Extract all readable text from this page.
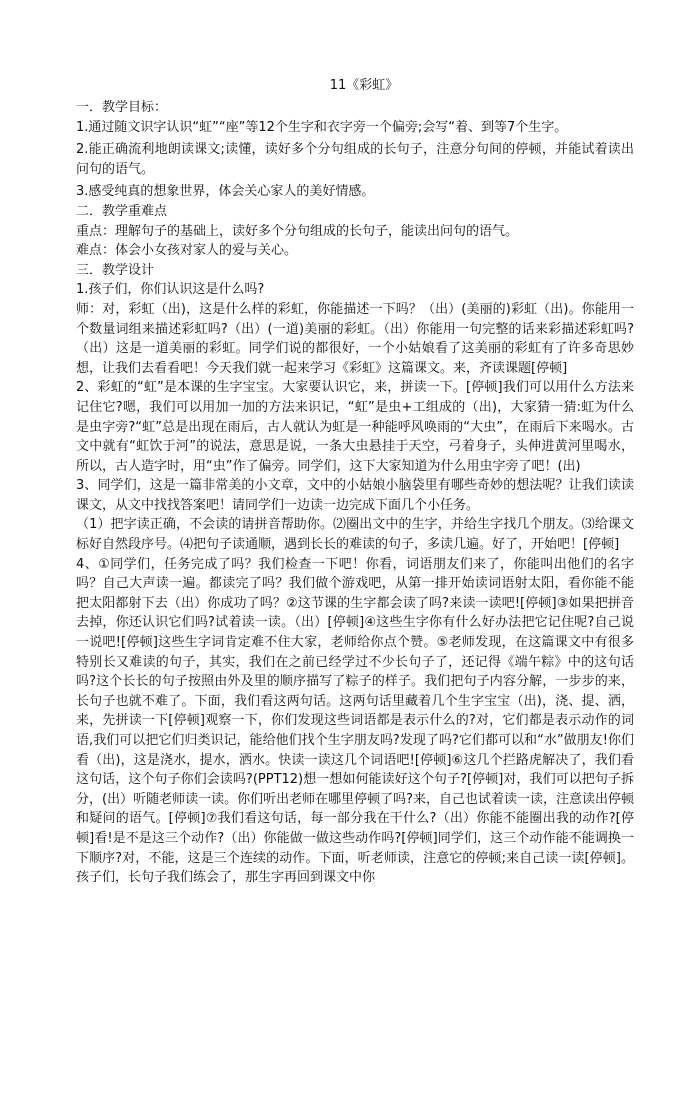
11《彩虹》

一．教学目标：

1.通过随文识字认识“虹”“座”等12个生字和衣字旁一个偏旁;会写“着、到等7个生字。

2.能正确流利地朗读课文;读懂，读好多个分句组成的长句子，注意分句间的停顿，并能试着读出问句的语气。

3.感受纯真的想象世界，体会关心家人的美好情感。

二．教学重难点

重点：理解句子的基础上，读好多个分句组成的长句子，能读出问句的语气。

难点：体会小女孩对家人的爱与关心。

三．教学设计

1.孩子们，你们认识这是什么吗?

师：对，彩虹（出)，这是什么样的彩虹，你能描述一下吗？（出）(美丽的)彩虹（出)。你能用一个数量词组来描述彩虹吗?（出）(一道)美丽的彩虹。（出）你能用一句完整的话来彩描述彩虹吗?（出）这是一道美丽的彩虹。同学们说的都很好，一个小姑娘看了这美丽的彩虹有了许多奇思妙想，让我们去看看吧！今天我们就一起来学习《彩虹》这篇课文。来，齐读课题[停顿]

2、彩虹的“虹”是本课的生字宝宝。大家要认识它，来，拼读一下。[停顿]我们可以用什么方法来记住它?嗯，我们可以用加一加的方法来识记，“虹”是虫+工组成的（出)，大家猜一猜:虹为什么是虫字旁?“虹”总是出现在雨后，古人就认为虹是一种能呼风唤雨的“大虫”，在雨后下来喝水。古文中就有“虹饮于河”的说法，意思是说，一条大虫悬挂于天空，弓着身子，头伸进黄河里喝水，所以，古人造字时，用“虫”作了偏旁。同学们，这下大家知道为什么用虫字旁了吧！(出)

3、同学们，这是一篇非常美的小文章，文中的小姑娘小脑袋里有哪些奇妙的想法呢？让我们读读课文，从文中找找答案吧！请同学们一边读一边完成下面几个小任务。

（1）把字读正确，不会读的请拼音帮助你。⑵圈出文中的生字，并给生字找几个朋友。⑶给课文标好自然段序号。⑷把句子读通顺，遇到长长的难读的句子，多读几遍。好了，开始吧！[停顿]

4、①同学们，任务完成了吗？我们检查一下吧！你看，词语朋友们来了，你能叫出他们的名字吗？自己大声读一遍。都读完了吗？我们做个游戏吧，从第一排开始读词语射太阳，看你能不能把太阳都射下去（出）你成功了吗？②这节课的生字都会读了吗?来读一读吧![停顿]③如果把拼音去掉，你还认识它们吗?试着读一读。（出）[停顿]④这些生字你有什么好办法把它记住呢?自己说一说吧![停顿]这些生字词肯定难不住大家，老师给你点个赞。⑤老师发现，在这篇课文中有很多特别长又难读的句子，其实，我们在之前已经学过不少长句子了，还记得《端午粽》中的这句话吗?这个长长的句子按照由外及里的顺序描写了粽子的样子。我们把句子内容分解，一步步的来，长句子也就不难了。下面，我们看这两句话。这两句话里藏着几个生字宝宝（出)，浇、提、洒，来，先拼读一下[停顿]观察一下，你们发现这些词语都是表示什么的?对，它们都是表示动作的词语,我们可以把它们归类识记，能给他们找个生字朋友吗?发现了吗?它们都可以和“水”做朋友!你们看（出)，这是浇水，提水，洒水。快读一读这几个词语吧![停顿]⑥这几个拦路虎解决了，我们看这句话，这个句子你们会读吗?(PPT12)想一想如何能读好这个句子?[停顿]对，我们可以把句子拆分，(出）听随老师读一读。你们听出老师在哪里停顿了吗?来，自己也试着读一读，注意读出停顿和疑问的语气。[停顿]⑦我们看这句话，每一部分我在干什么?（出）你能不能圈出我的动作?[停顿]看!是不是这三个动作?（出）你能做一做这些动作吗?[停顿]同学们，这三个动作能不能调换一下顺序?对，不能，这是三个连续的动作。下面，听老师读，注意它的停顿;来自己读一读[停顿]。孩子们，长句子我们练会了，那生字再回到课文中你
